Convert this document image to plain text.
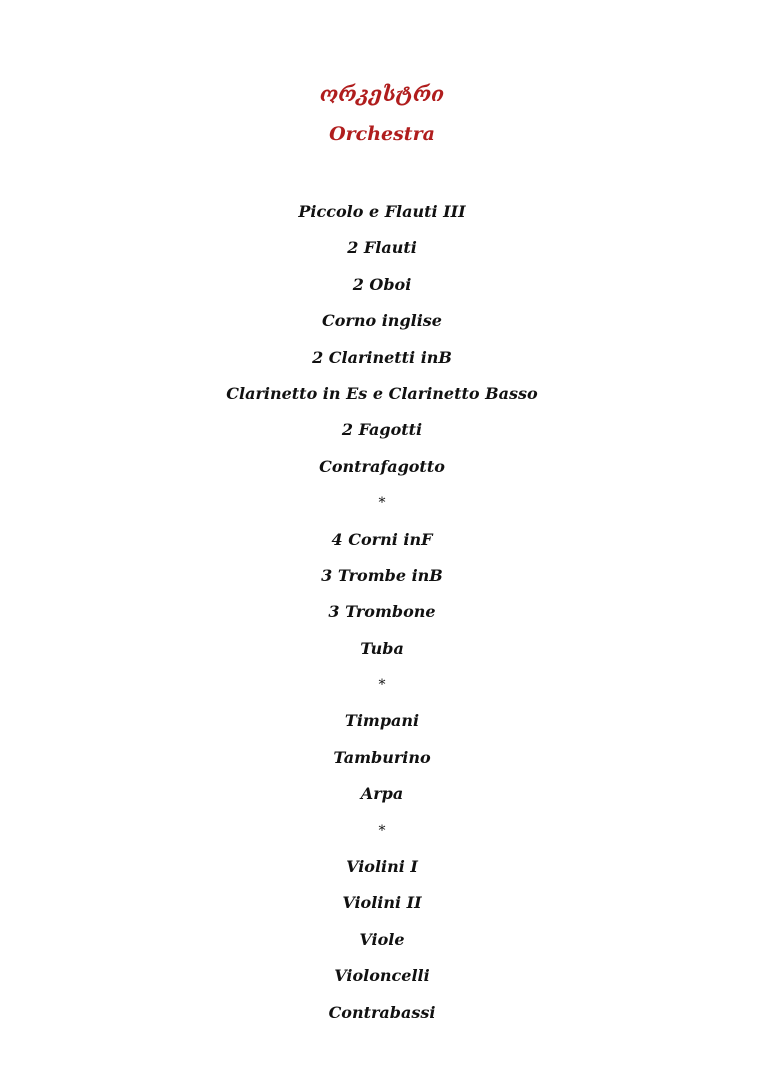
ორკესტრი
Orchestra
Piccolo e Flauti III
2 Flauti
2 Oboi
Corno inglise
2 Clarinetti inB
Clarinetto in Es e Clarinetto Basso
2 Fagotti
Contrafagotto
*
4 Corni inF
3 Trombe inB
3 Trombone
Tuba
*
Timpani
Tamburino
Arpa
*
Violini I
Violini II
Viole
Violoncelli
Contrabassi
